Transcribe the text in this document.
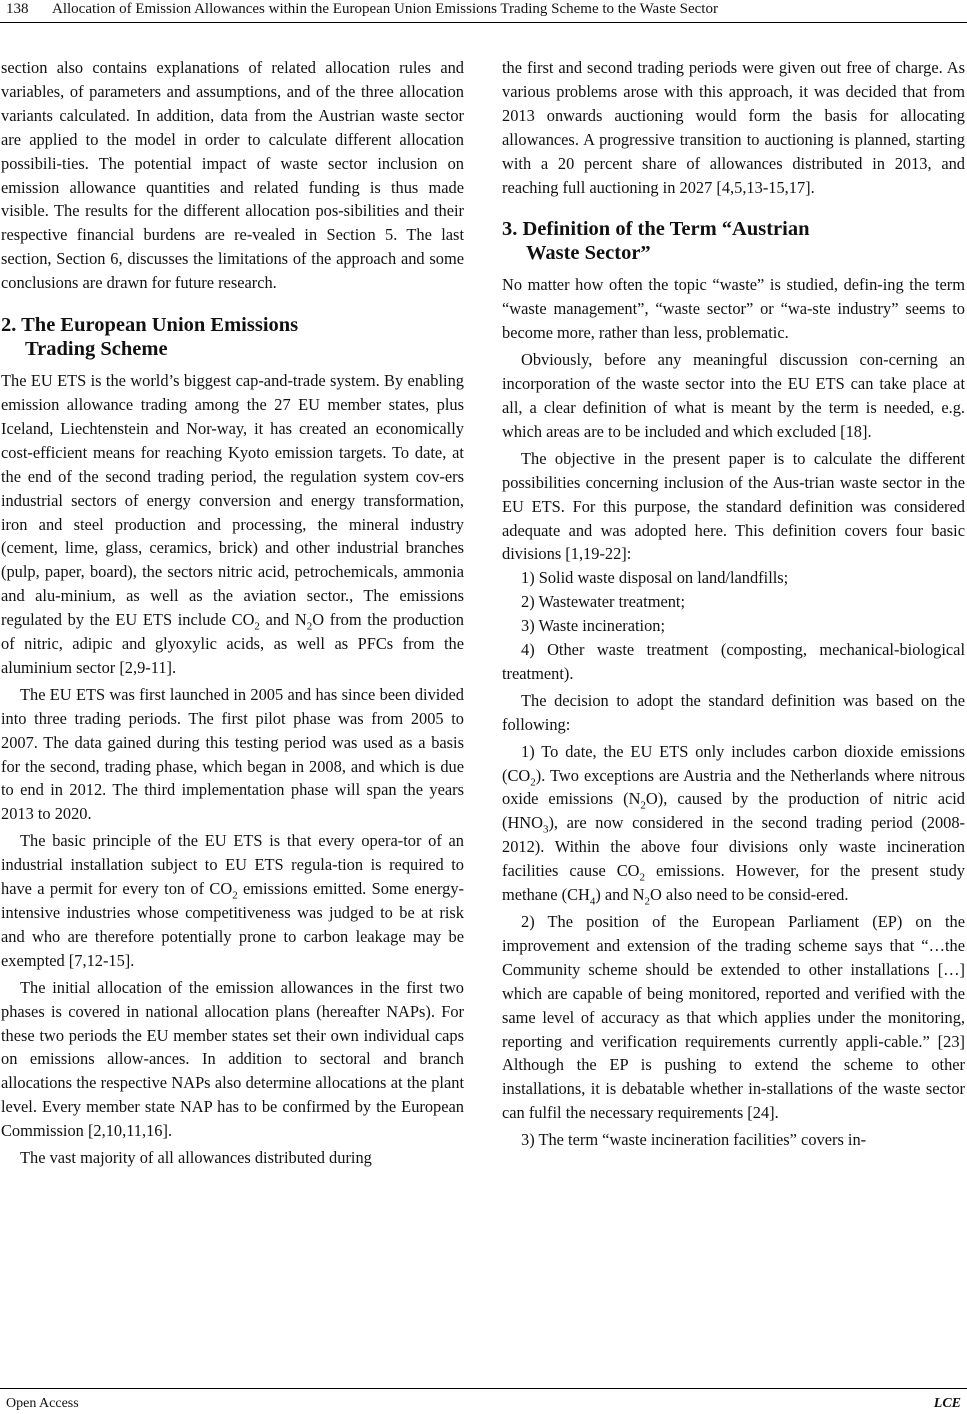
138 Allocation of Emission Allowances within the European Union Emissions Trading Scheme to the Waste Sector

section also contains explanations of related allocation rules and variables, of parameters and assumptions, and of the three allocation variants calculated. In addition, data from the Austrian waste sector are applied to the model in order to calculate different allocation possibili-ties. The potential impact of waste sector inclusion on emission allowance quantities and related funding is thus made visible. The results for the different allocation pos-sibilities and their respective financial burdens are re-vealed in Section 5. The last section, Section 6, discusses the limitations of the approach and some conclusions are drawn for future research.

2. The European Union Emissions
Trading Scheme

The EU ETS is the world’s biggest cap-and-trade system. By enabling emission allowance trading among the 27 EU member states, plus Iceland, Liechtenstein and Nor-way, it has created an economically cost-efficient means for reaching Kyoto emission targets. To date, at the end of the second trading period, the regulation system cov-ers industrial sectors of energy conversion and energy transformation, iron and steel production and processing, the mineral industry (cement, lime, glass, ceramics, brick) and other industrial branches (pulp, paper, board), the sectors nitric acid, petrochemicals, ammonia and alu-minium, as well as the aviation sector., The emissions regulated by the EU ETS include $CO_2$ and $N_2O$ from the production of nitric, adipic and glyoxylic acids, as well as PFCs from the aluminium sector [2,9-11].

The EU ETS was first launched in 2005 and has since been divided into three trading periods. The first pilot phase was from 2005 to 2007. The data gained during this testing period was used as a basis for the second, trading phase, which began in 2008, and which is due to end in 2012. The third implementation phase will span the years 2013 to 2020.

The basic principle of the EU ETS is that every opera-tor of an industrial installation subject to EU ETS regula-tion is required to have a permit for every ton of $CO_2$ emissions emitted. Some energy-intensive industries whose competitiveness was judged to be at risk and who are therefore potentially prone to carbon leakage may be exempted [7,12-15].

The initial allocation of the emission allowances in the first two phases is covered in national allocation plans (hereafter NAPs). For these two periods the EU member states set their own individual caps on emissions allow-ances. In addition to sectoral and branch allocations the respective NAPs also determine allocations at the plant level. Every member state NAP has to be confirmed by the European Commission [2,10,11,16].

The vast majority of all allowances distributed during

the first and second trading periods were given out free of charge. As various problems arose with this approach, it was decided that from 2013 onwards auctioning would form the basis for allocating allowances. A progressive transition to auctioning is planned, starting with a 20 percent share of allowances distributed in 2013, and reaching full auctioning in 2027 [4,5,13-15,17].

3. Definition of the Term “Austrian
Waste Sector”

No matter how often the topic “waste” is studied, defin-ing the term “waste management”, “waste sector” or “wa-ste industry” seems to become more, rather than less, problematic.

Obviously, before any meaningful discussion con-cerning an incorporation of the waste sector into the EU ETS can take place at all, a clear definition of what is meant by the term is needed, e.g. which areas are to be included and which excluded [18].

The objective in the present paper is to calculate the different possibilities concerning inclusion of the Aus-trian waste sector in the EU ETS. For this purpose, the standard definition was considered adequate and was adopted here. This definition covers four basic divisions [1,19-22]:

1) Solid waste disposal on land/landfills;

2) Wastewater treatment;

3) Waste incineration;

4) Other waste treatment (composting, mechanical-biological treatment).

The decision to adopt the standard definition was based on the following:

1) To date, the EU ETS only includes carbon dioxide emissions $(CO_2)$. Two exceptions are Austria and the Netherlands where nitrous oxide emissions $(N_2O)$, caused by the production of nitric acid $(HNO_3)$, are now considered in the second trading period (2008-2012). Within the above four divisions only waste incineration facilities cause $CO_2$ emissions. However, for the present study methane $(CH_4)$ and $N_2O$ also need to be consid-ered.

2) The position of the European Parliament (EP) on the improvement and extension of the trading scheme says that “…the Community scheme should be extended to other installations […] which are capable of being monitored, reported and verified with the same level of accuracy as that which applies under the monitoring, reporting and verification requirements currently appli-cable.” [23] Although the EP is pushing to extend the scheme to other installations, it is debatable whether in-stallations of the waste sector can fulfil the necessary requirements [24].

3) The term “waste incineration facilities” covers in-

Open Access	LCE
